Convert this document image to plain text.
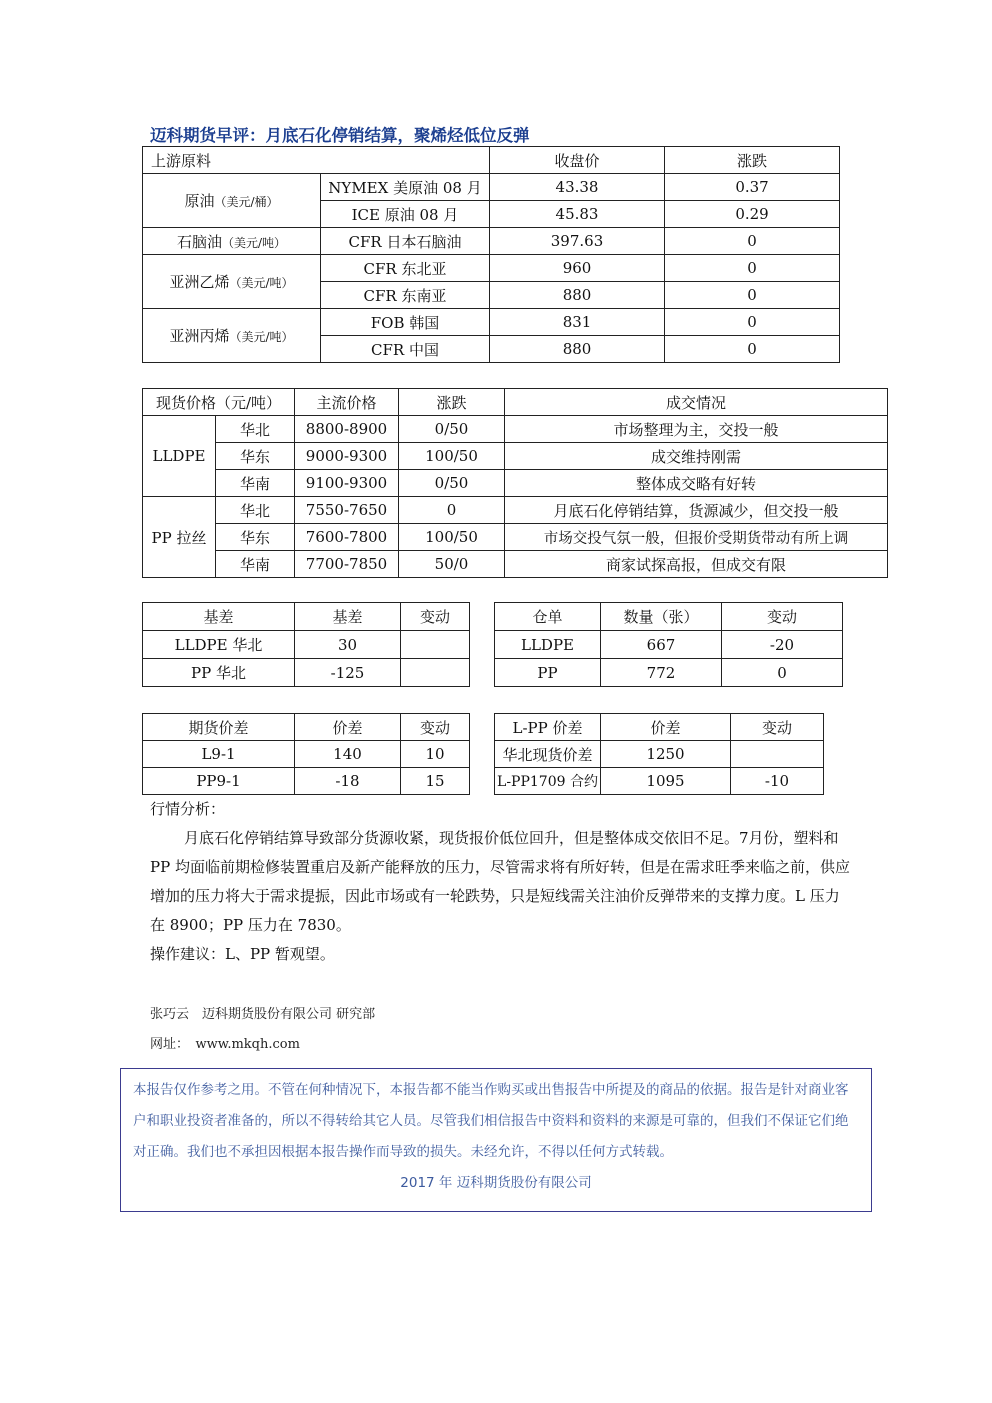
迈科期货早评：月底石化停销结算，聚烯烃低位反弹
上游原料		收盘价	涨跌
原油（美元/桶）	NYMEX 美原油 08 月	43.38	0.37
	ICE 原油 08 月	45.83	0.29
石脑油（美元/吨）	CFR 日本石脑油	397.63	0
亚洲乙烯（美元/吨）	CFR 东北亚	960	0
	CFR 东南亚	880	0
亚洲丙烯（美元/吨）	FOB 韩国	831	0
	CFR 中国	880	0
现货价格（元/吨）		主流价格	涨跌	成交情况
LLDPE	华北	8800-8900	0/50	市场整理为主，交投一般
	华东	9000-9300	100/50	成交维持刚需
	华南	9100-9300	0/50	整体成交略有好转
PP 拉丝	华北	7550-7650	0	月底石化停销结算，货源减少，但交投一般
	华东	7600-7800	100/50	市场交投气氛一般，但报价受期货带动有所上调
	华南	7700-7850	50/0	商家试探高报，但成交有限
基差	基差	变动
LLDPE 华北	30	
PP 华北	-125	
仓单	数量（张）	变动
LLDPE	667	-20
PP	772	0
期货价差	价差	变动
L9-1	140	10
PP9-1	-18	15
L-PP 价差	价差	变动
华北现货价差	1250	
L-PP1709 合约	1095	-10

行情分析：

月底石化停销结算导致部分货源收紧，现货报价低位回升，但是整体成交依旧不足。7月份，塑料和 PP 均面临前期检修装置重启及新产能释放的压力，尽管需求将有所好转，但是在需求旺季来临之前，供应增加的压力将大于需求提振，因此市场或有一轮跌势，只是短线需关注油价反弹带来的支撑力度。L 压力在 8900；PP 压力在 7830。

操作建议：L、PP 暂观望。

张巧云　迈科期货股份有限公司 研究部
网址：　www.mkqh.com

本报告仅作参考之用。不管在何种情况下，本报告都不能当作购买或出售报告中所提及的商品的依据。报告是针对商业客户和职业投资者准备的，所以不得转给其它人员。尽管我们相信报告中资料和资料的来源是可靠的，但我们不保证它们绝对正确。我们也不承担因根据本报告操作而导致的损失。未经允许，不得以任何方式转载。

2017 年 迈科期货股份有限公司
